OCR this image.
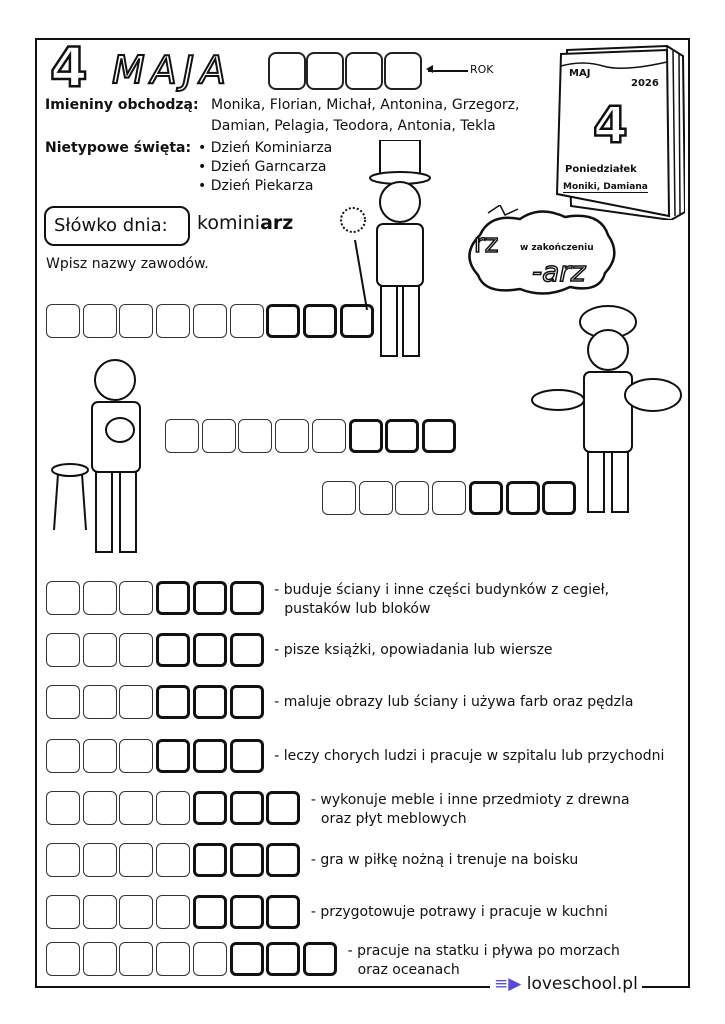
4 MAJA	ROK
Imieniny obchodzą: Monika, Florian, Michał, Antonina, Grzegorz,
Damian, Pelagia, Teodora, Antonia, Tekla
Nietypowe święta: • Dzień Kominiarza
• Dzień Garncarza
• Dzień Piekarza
Słówko dnia:	kominiarz
Wpisz nazwy zawodów.
MAJ
2026
4
Poniedziałek
Moniki, Damiana
rz w zakończeniu
-arz
- buduje ściany i inne części budynków z cegieł,
pustaków lub bloków
- pisze książki, opowiadania lub wiersze
- maluje obrazy lub ściany i używa farb oraz pędzla
- leczy chorych ludzi i pracuje w szpitalu lub przychodni
- wykonuje meble i inne przedmioty z drewna
oraz płyt meblowych
- gra w piłkę nożną i trenuje na boisku
- przygotowuje potrawy i pracuje w kuchni
- pracuje na statku i pływa po morzach
oraz oceanach
≡▶ loveschool.pl
